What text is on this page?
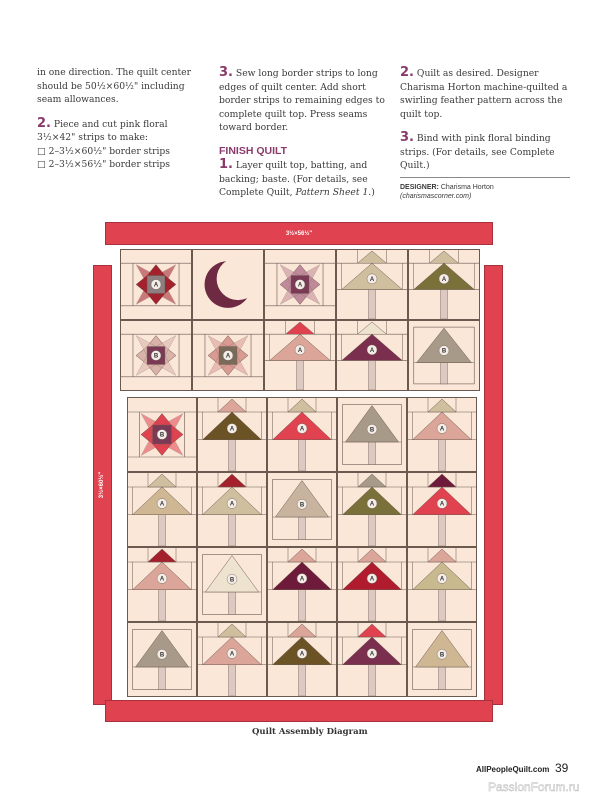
in one direction. The quilt center should be 50½×60½" including seam allowances.

2. Piece and cut pink floral 3½×42" strips to make:

□ 2–3½×60½" border strips
□ 2–3½×56½" border strips

3. Sew long border strips to long edges of quilt center. Add short border strips to remaining edges to complete quilt top. Press seams toward border.

FINISH QUILT

1. Layer quilt top, batting, and backing; baste. (For details, see Complete Quilt, Pattern Sheet 1.)

2. Quilt as desired. Designer Charisma Horton machine-quilted a swirling feather pattern across the quilt top.

3. Bind with pink floral binding strips. (For details, see Complete Quilt.)

DESIGNER: Charisma Horton
(charismascorner.com)
3½×56½"
3½×60½"
A	A
A	A
B	A
A	A	B
B
A	A	B	A
A	A	B	A	A
A	B	A	A	A
B	A	A	A	B
Quilt Assembly Diagram
AllPeopleQuilt.com 39
PassionForum.ru
